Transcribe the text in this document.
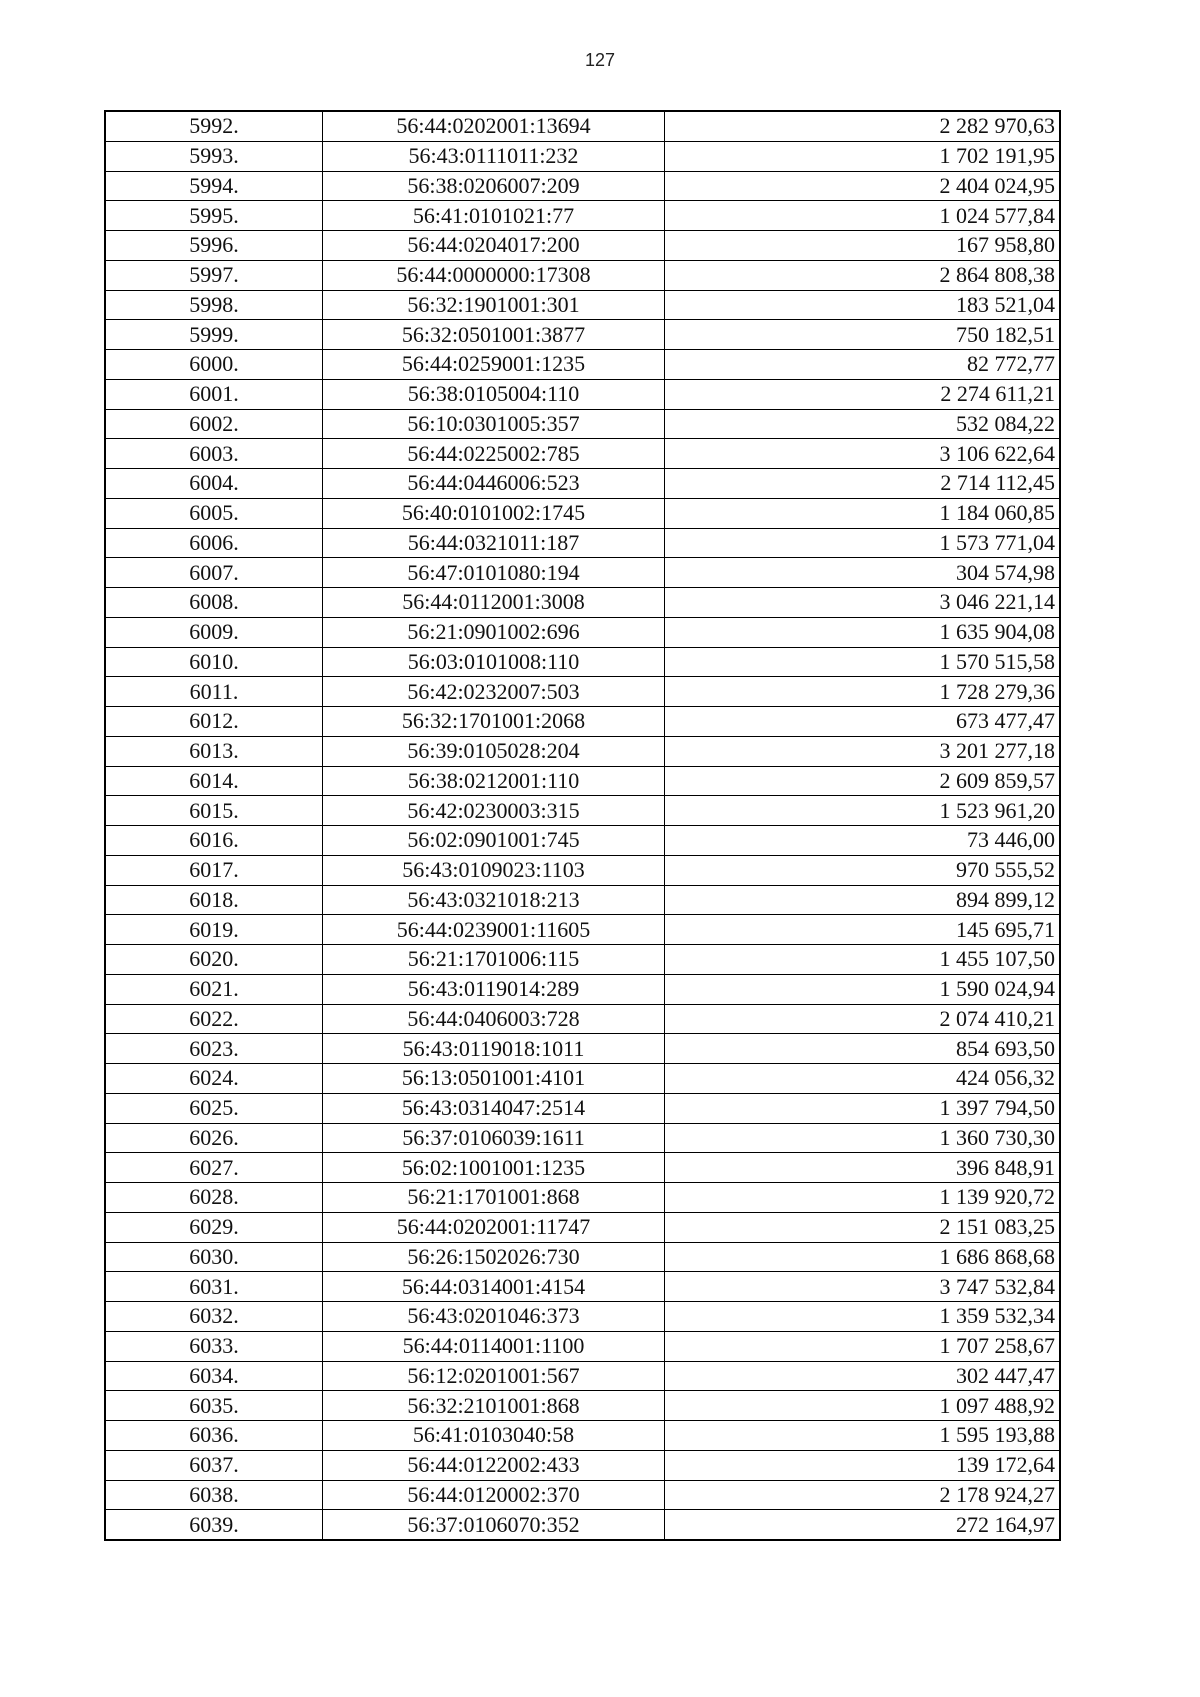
127
5992.	56:44:0202001:13694	2 282 970,63
5993.	56:43:0111011:232	1 702 191,95
5994.	56:38:0206007:209	2 404 024,95
5995.	56:41:0101021:77	1 024 577,84
5996.	56:44:0204017:200	167 958,80
5997.	56:44:0000000:17308	2 864 808,38
5998.	56:32:1901001:301	183 521,04
5999.	56:32:0501001:3877	750 182,51
6000.	56:44:0259001:1235	82 772,77
6001.	56:38:0105004:110	2 274 611,21
6002.	56:10:0301005:357	532 084,22
6003.	56:44:0225002:785	3 106 622,64
6004.	56:44:0446006:523	2 714 112,45
6005.	56:40:0101002:1745	1 184 060,85
6006.	56:44:0321011:187	1 573 771,04
6007.	56:47:0101080:194	304 574,98
6008.	56:44:0112001:3008	3 046 221,14
6009.	56:21:0901002:696	1 635 904,08
6010.	56:03:0101008:110	1 570 515,58
6011.	56:42:0232007:503	1 728 279,36
6012.	56:32:1701001:2068	673 477,47
6013.	56:39:0105028:204	3 201 277,18
6014.	56:38:0212001:110	2 609 859,57
6015.	56:42:0230003:315	1 523 961,20
6016.	56:02:0901001:745	73 446,00
6017.	56:43:0109023:1103	970 555,52
6018.	56:43:0321018:213	894 899,12
6019.	56:44:0239001:11605	145 695,71
6020.	56:21:1701006:115	1 455 107,50
6021.	56:43:0119014:289	1 590 024,94
6022.	56:44:0406003:728	2 074 410,21
6023.	56:43:0119018:1011	854 693,50
6024.	56:13:0501001:4101	424 056,32
6025.	56:43:0314047:2514	1 397 794,50
6026.	56:37:0106039:1611	1 360 730,30
6027.	56:02:1001001:1235	396 848,91
6028.	56:21:1701001:868	1 139 920,72
6029.	56:44:0202001:11747	2 151 083,25
6030.	56:26:1502026:730	1 686 868,68
6031.	56:44:0314001:4154	3 747 532,84
6032.	56:43:0201046:373	1 359 532,34
6033.	56:44:0114001:1100	1 707 258,67
6034.	56:12:0201001:567	302 447,47
6035.	56:32:2101001:868	1 097 488,92
6036.	56:41:0103040:58	1 595 193,88
6037.	56:44:0122002:433	139 172,64
6038.	56:44:0120002:370	2 178 924,27
6039.	56:37:0106070:352	272 164,97
